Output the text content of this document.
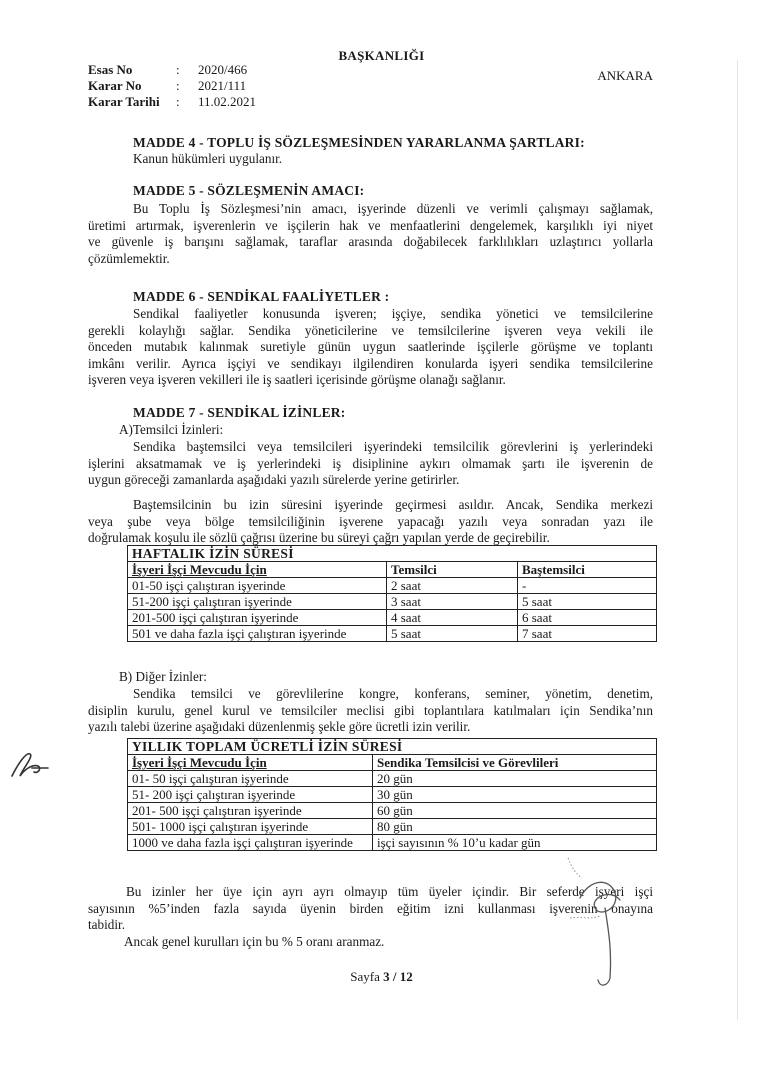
BAŞKANLIĞI
ANKARA
Esas No	:	2020/466
Karar No	:	2021/111
Karar Tarihi	:	11.02.2021
MADDE 4 - TOPLU İŞ SÖZLEŞMESİNDEN YARARLANMA ŞARTLARI:
Kanun hükümleri uygulanır.
MADDE 5 - SÖZLEŞMENİN AMACI:

Bu Toplu İş Sözleşmesi’nin amacı, işyerinde düzenli ve verimli çalışmayı sağlamak,

üretimi artırmak, işverenlerin ve işçilerin hak ve menfaatlerini dengelemek, karşılıklı iyi niyet

ve güvenle iş barışını sağlamak, taraflar arasında doğabilecek farklılıkları uzlaştırıcı yollarla

çözümlemektir.

MADDE 6 - SENDİKAL FAALİYETLER :

Sendikal faaliyetler konusunda işveren; işçiye, sendika yönetici ve temsilcilerine

gerekli kolaylığı sağlar. Sendika yöneticilerine ve temsilcilerine işveren veya vekili ile

önceden mutabık kalınmak suretiyle günün uygun saatlerinde işçilerle görüşme ve toplantı

imkânı verilir. Ayrıca işçiyi ve sendikayı ilgilendiren konularda işyeri sendika temsilcilerine

işveren veya işveren vekilleri ile iş saatleri içerisinde görüşme olanağı sağlanır.

MADDE 7 - SENDİKAL İZİNLER:
A)Temsilci İzinleri:

Sendika baştemsilci veya temsilcileri işyerindeki temsilcilik görevlerini iş yerlerindeki

işlerini aksatmamak ve iş yerlerindeki iş disiplinine aykırı olmamak şartı ile işverenin de

uygun göreceği zamanlarda aşağıdaki yazılı sürelerde yerine getirirler.

Baştemsilcinin bu izin süresini işyerinde geçirmesi asıldır. Ancak, Sendika merkezi

veya şube veya bölge temsilciliğinin işverene yapacağı yazılı veya sonradan yazı ile

doğrulamak koşulu ile sözlü çağrısı üzerine bu süreyi çağrı yapılan yerde de geçirebilir.

HAFTALIK İZİN SÜRESİ		
İşyeri İşçi Mevcudu İçin	Temsilci	Baştemsilci
01-50 işçi çalıştıran işyerinde	2 saat	-
51-200 işçi çalıştıran işyerinde	3 saat	5 saat
201-500 işçi çalıştıran işyerinde	4 saat	6 saat
501 ve daha fazla işçi çalıştıran işyerinde	5 saat	7 saat
B) Diğer İzinler:

Sendika temsilci ve görevlilerine kongre, konferans, seminer, yönetim, denetim,

disiplin kurulu, genel kurul ve temsilciler meclisi gibi toplantılara katılmaları için Sendika’nın

yazılı talebi üzerine aşağıdaki düzenlenmiş şekle göre ücretli izin verilir.

YILLIK TOPLAM ÜCRETLİ İZİN SÜRESİ	
İşyeri İşçi Mevcudu İçin	Sendika Temsilcisi ve Görevlileri
01- 50 işçi çalıştıran işyerinde	20 gün
51- 200 işçi çalıştıran işyerinde	30 gün
201- 500 işçi çalıştıran işyerinde	60 gün
501- 1000 işçi çalıştıran işyerinde	80 gün
1000 ve daha fazla işçi çalıştıran işyerinde	işçi sayısının % 10’u kadar gün

Bu izinler her üye için ayrı ayrı olmayıp tüm üyeler içindir. Bir seferde işyeri işçi

sayısının %5’inden fazla sayıda üyenin birden eğitim izni kullanması işverenin onayına

tabidir.

Ancak genel kurulları için bu % 5 oranı aranmaz.
Sayfa 3 / 12
